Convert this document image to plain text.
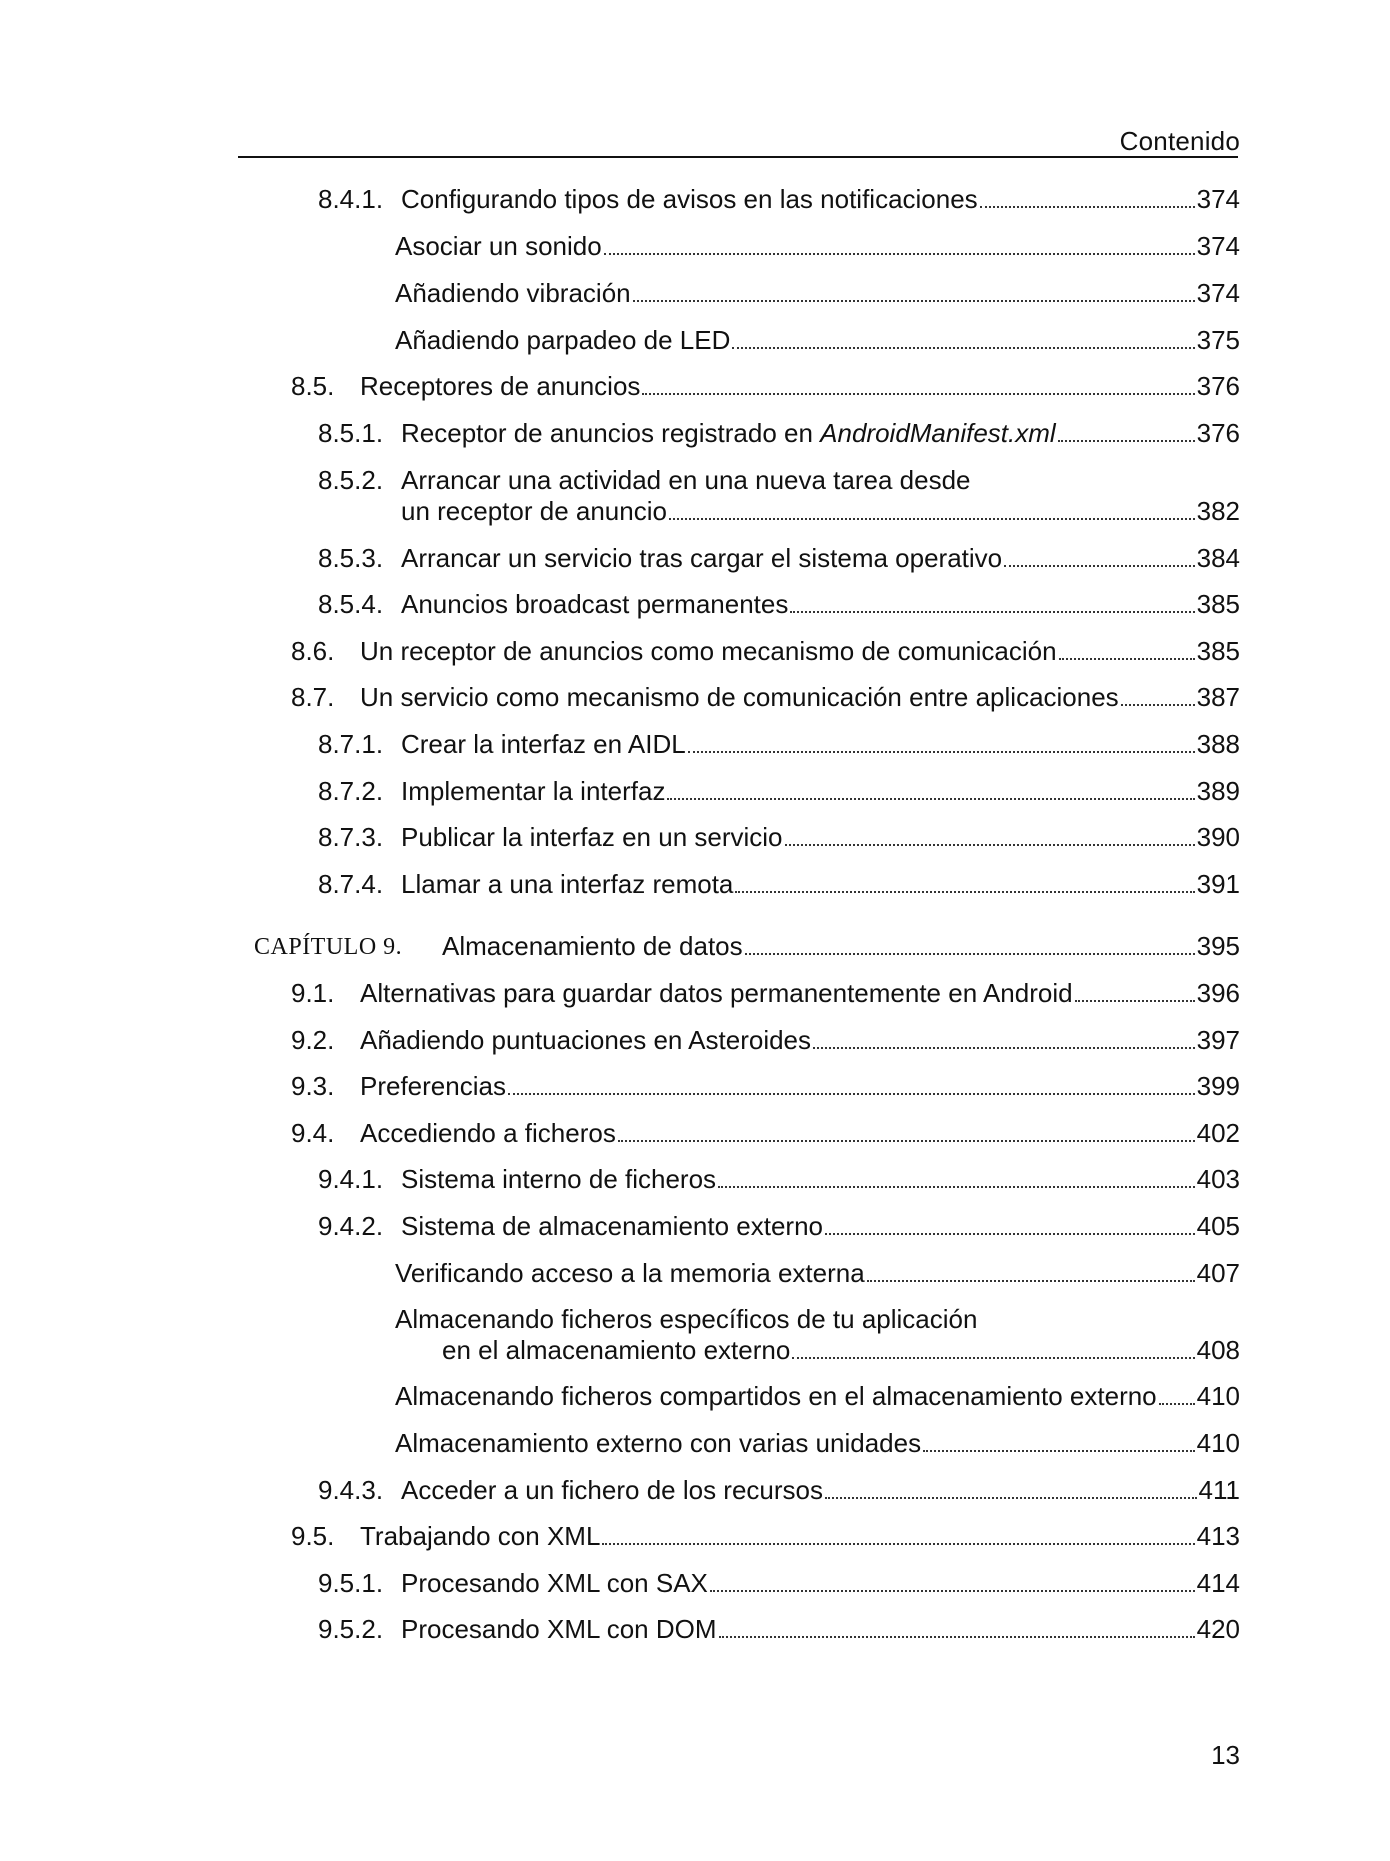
Contenido
8.4.1. Configurando tipos de avisos en las notificaciones	374
Asociar un sonido	374
Añadiendo vibración	374
Añadiendo parpadeo de LED	375
8.5. Receptores de anuncios	376
8.5.1. Receptor de anuncios registrado en AndroidManifest.xml	376
8.5.2. Arrancar una actividad en una nueva tarea desde
un receptor de anuncio	382
8.5.3. Arrancar un servicio tras cargar el sistema operativo	384
8.5.4. Anuncios broadcast permanentes	385
8.6. Un receptor de anuncios como mecanismo de comunicación	385
8.7. Un servicio como mecanismo de comunicación entre aplicaciones	387
8.7.1. Crear la interfaz en AIDL	388
8.7.2. Implementar la interfaz	389
8.7.3. Publicar la interfaz en un servicio	390
8.7.4. Llamar a una interfaz remota	391
CAPÍTULO 9. Almacenamiento de datos	395
9.1. Alternativas para guardar datos permanentemente en Android	396
9.2. Añadiendo puntuaciones en Asteroides	397
9.3. Preferencias	399
9.4. Accediendo a ficheros	402
9.4.1. Sistema interno de ficheros	403
9.4.2. Sistema de almacenamiento externo	405
Verificando acceso a la memoria externa	407
Almacenando ficheros específicos de tu aplicación
en el almacenamiento externo	408
Almacenando ficheros compartidos en el almacenamiento externo 410
Almacenamiento externo con varias unidades	410
9.4.3. Acceder a un fichero de los recursos	411
9.5. Trabajando con XML	413
9.5.1. Procesando XML con SAX	414
9.5.2. Procesando XML con DOM	420
13
